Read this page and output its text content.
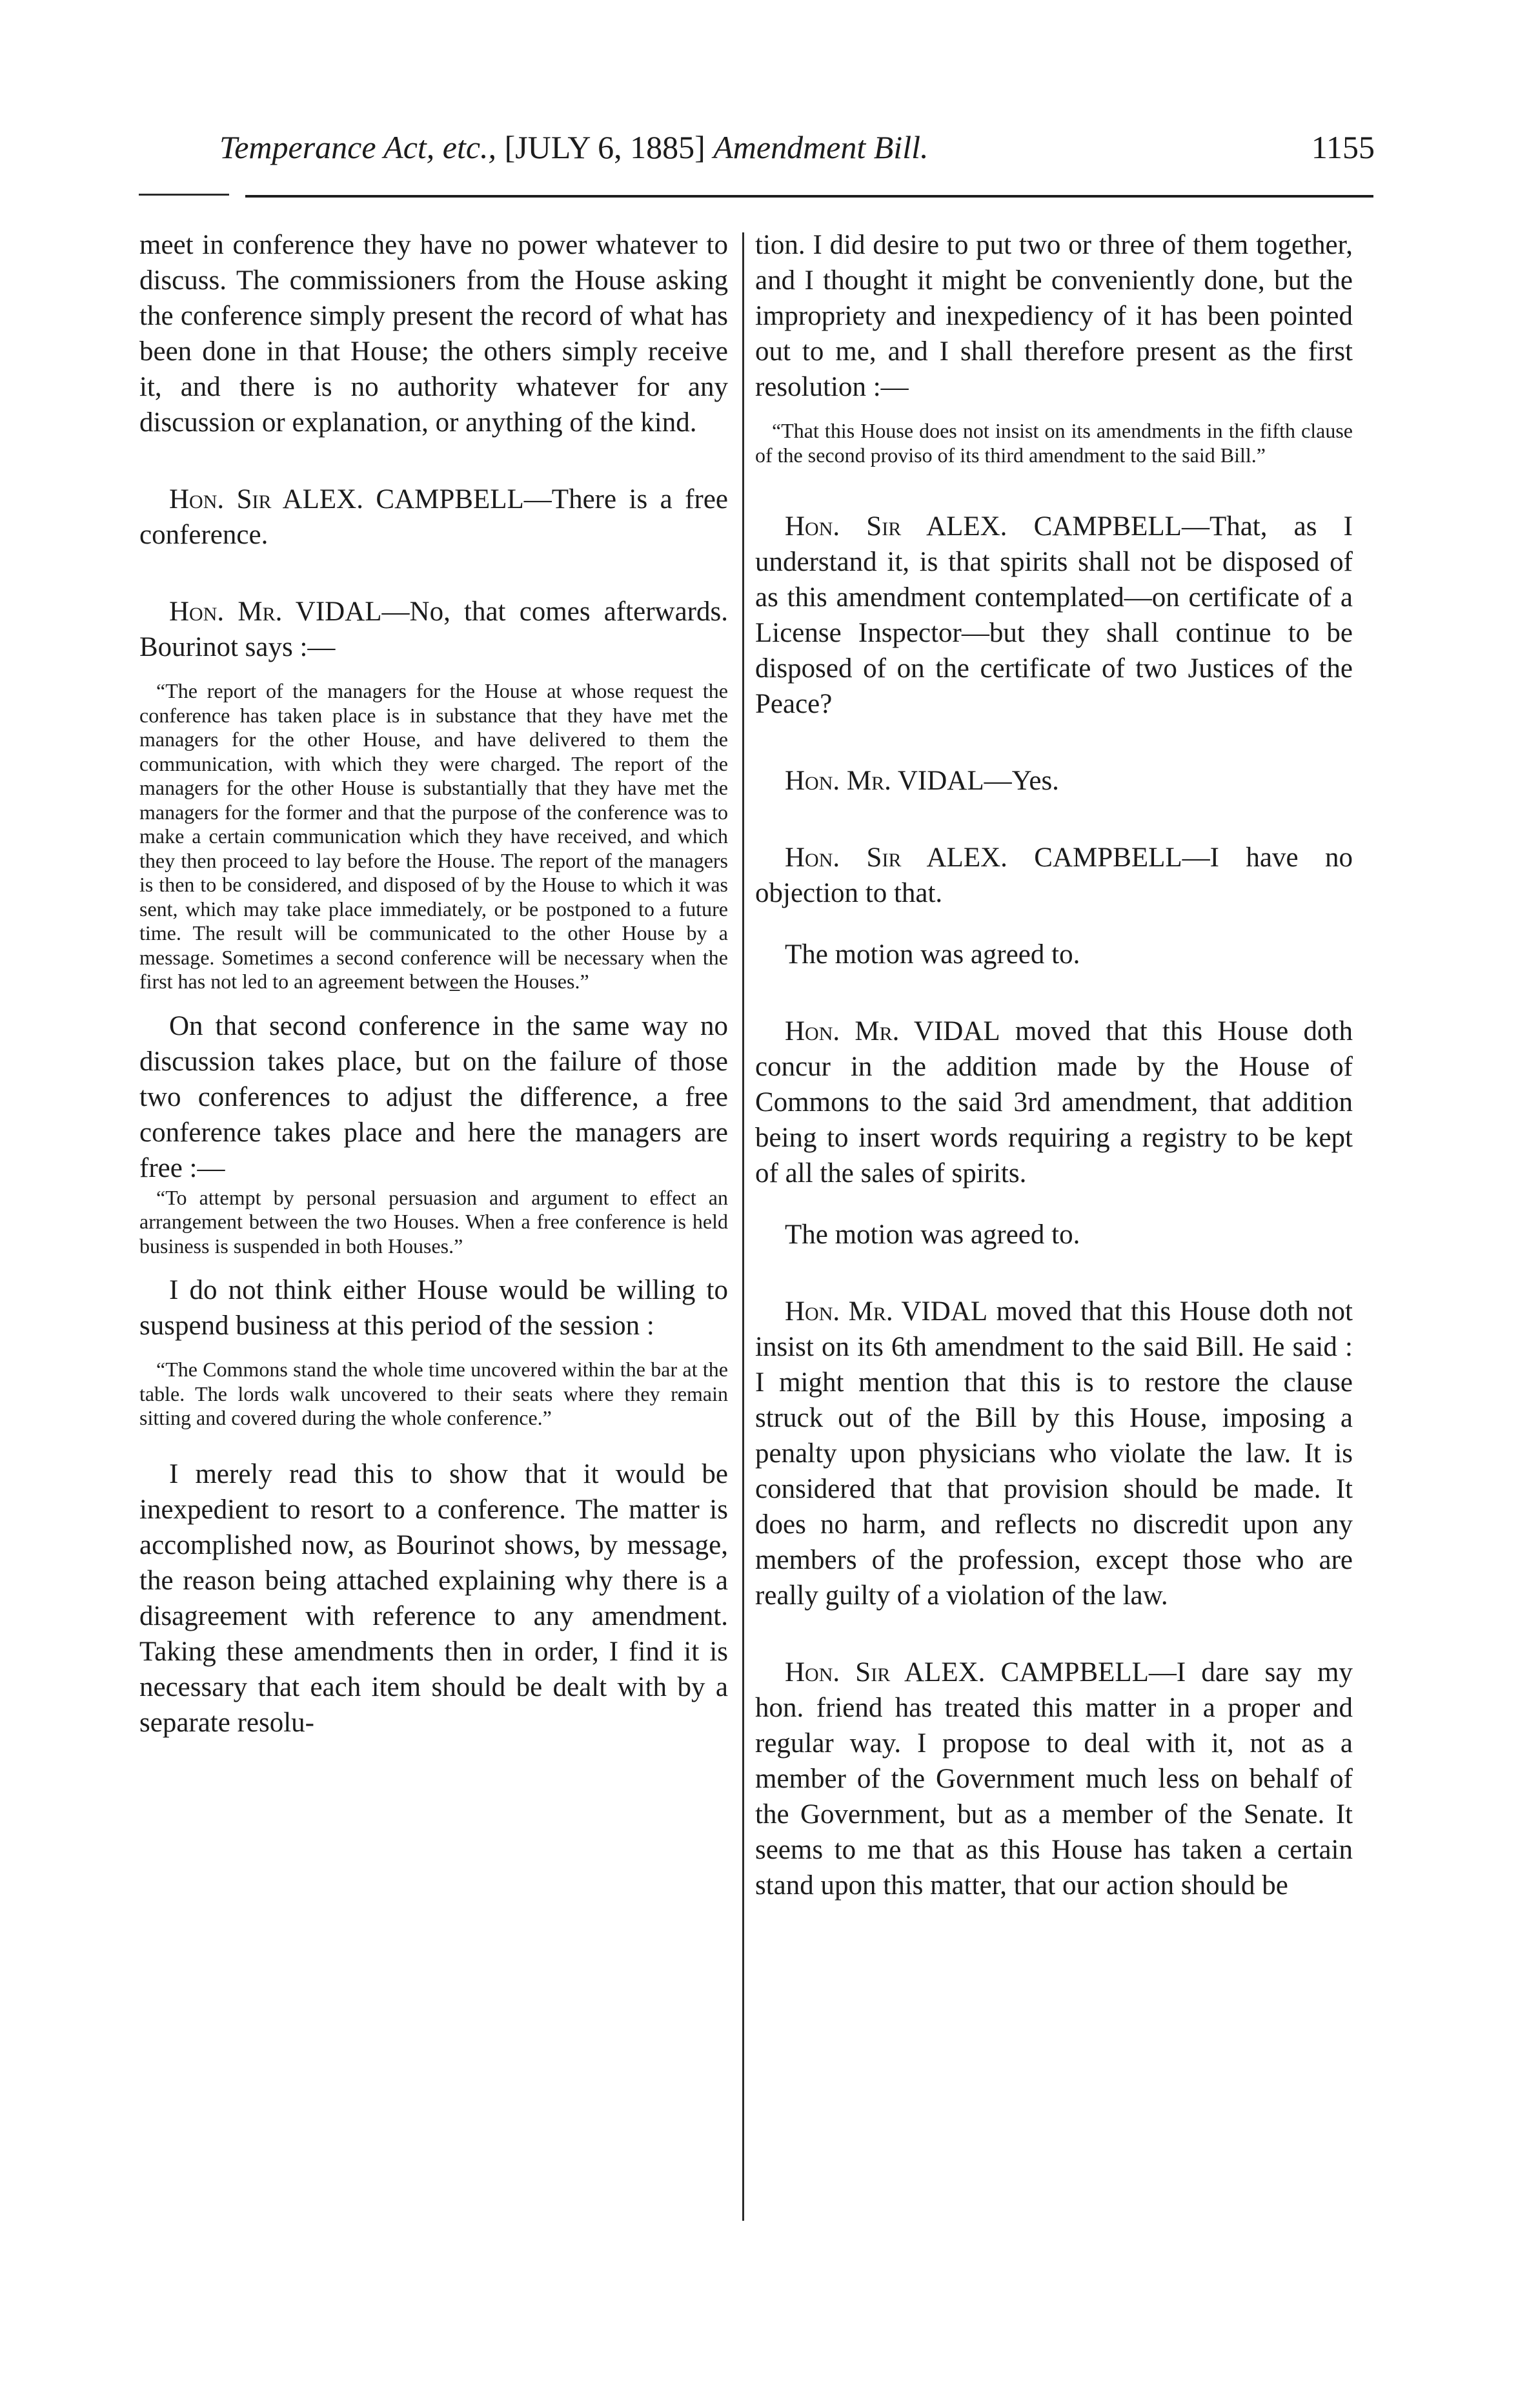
Temperance Act, etc., [JULY 6, 1885] Amendment Bill.	1155

meet in conference they have no power whatever to discuss. The commissioners from the House asking the conference simply present the record of what has been done in that House; the others simply receive it, and there is no authority whatever for any discussion or explanation, or anything of the kind.

Hon. Sir ALEX. CAMPBELL—There is a free conference.

Hon. Mr. VIDAL—No, that comes afterwards. Bourinot says :—

“The report of the managers for the House at whose request the conference has taken place is in substance that they have met the managers for the other House, and have delivered to them the communication, with which they were charged. The report of the managers for the other House is substantially that they have met the managers for the former and that the purpose of the conference was to make a certain communication which they have received, and which they then proceed to lay before the House. The report of the managers is then to be considered, and disposed of by the House to which it was sent, which may take place immediately, or be postponed to a future time. The result will be communicated to the other House by a message. Sometimes a second conference will be necessary when the first has not led to an agreement betwe̲en the Houses.”

On that second conference in the same way no discussion takes place, but on the failure of those two conferences to adjust the difference, a free conference takes place and here the managers are free :—

“To attempt by personal persuasion and argument to effect an arrangement between the two Houses. When a free conference is held business is suspended in both Houses.”

I do not think either House would be willing to suspend business at this period of the session :

“The Commons stand the whole time uncovered within the bar at the table. The lords walk uncovered to their seats where they remain sitting and covered during the whole conference.”

I merely read this to show that it would be inexpedient to resort to a conference. The matter is accomplished now, as Bourinot shows, by message, the reason being attached explaining why there is a disagreement with reference to any amendment. Taking these amendments then in order, I find it is necessary that each item should be dealt with by a separate resolu-

tion. I did desire to put two or three of them together, and I thought it might be conveniently done, but the impropriety and inexpediency of it has been pointed out to me, and I shall therefore present as the first resolution :—

“That this House does not insist on its amendments in the fifth clause of the second proviso of its third amendment to the said Bill.”

Hon. Sir ALEX. CAMPBELL—That, as I understand it, is that spirits shall not be disposed of as this amendment contemplated—on certificate of a License Inspector—but they shall continue to be disposed of on the certificate of two Justices of the Peace?

Hon. Mr. VIDAL—Yes.

Hon. Sir ALEX. CAMPBELL—I have no objection to that.

The motion was agreed to.

Hon. Mr. VIDAL moved that this House doth concur in the addition made by the House of Commons to the said 3rd amendment, that addition being to insert words requiring a registry to be kept of all the sales of spirits.

The motion was agreed to.

Hon. Mr. VIDAL moved that this House doth not insist on its 6th amendment to the said Bill. He said : I might mention that this is to restore the clause struck out of the Bill by this House, imposing a penalty upon physicians who violate the law. It is considered that that provision should be made. It does no harm, and reflects no discredit upon any members of the profession, except those who are really guilty of a violation of the law.

Hon. Sir ALEX. CAMPBELL—I dare say my hon. friend has treated this matter in a proper and regular way. I propose to deal with it, not as a member of the Government much less on behalf of the Government, but as a member of the Senate. It seems to me that as this House has taken a certain stand upon this matter, that our action should be
